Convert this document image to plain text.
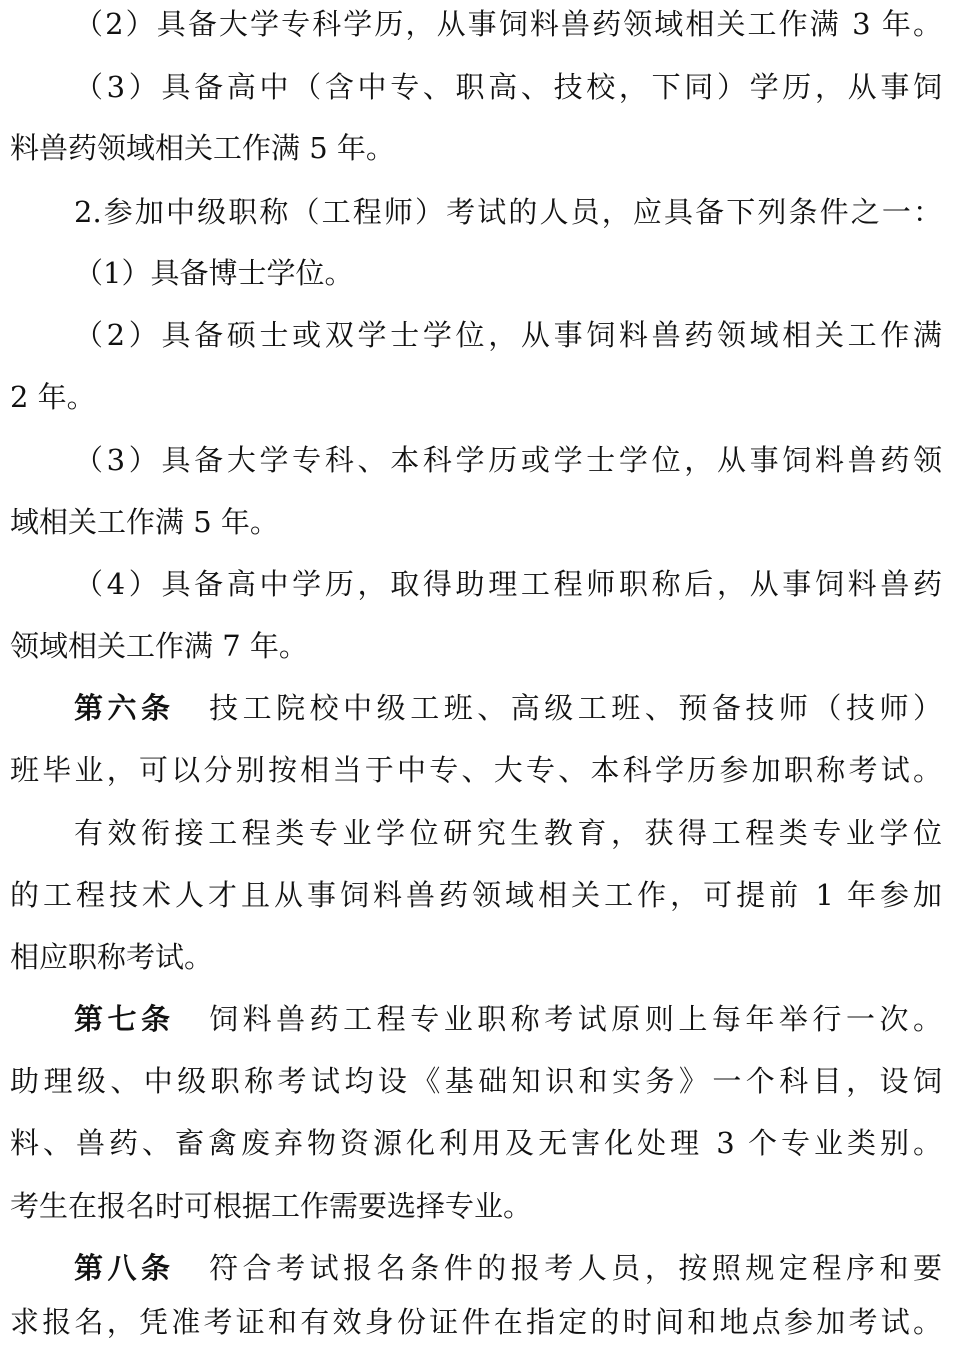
（2）具备大学专科学历，从事饲料兽药领域相关工作满 3 年。
（3）具备高中（含中专、职高、技校，下同）学历，从事饲
料兽药领域相关工作满 5 年。
2.参加中级职称（工程师）考试的人员，应具备下列条件之一：
（1）具备博士学位。
（2）具备硕士或双学士学位，从事饲料兽药领域相关工作满
2 年。
（3）具备大学专科、本科学历或学士学位，从事饲料兽药领
域相关工作满 5 年。
（4）具备高中学历，取得助理工程师职称后，从事饲料兽药
领域相关工作满 7 年。
第六条 技工院校中级工班、高级工班、预备技师（技师）
班毕业，可以分别按相当于中专、大专、本科学历参加职称考试。
有效衔接工程类专业学位研究生教育，获得工程类专业学位
的工程技术人才且从事饲料兽药领域相关工作，可提前 1 年参加
相应职称考试。
第七条 饲料兽药工程专业职称考试原则上每年举行一次。
助理级、中级职称考试均设《基础知识和实务》一个科目，设饲
料、兽药、畜禽废弃物资源化利用及无害化处理 3 个专业类别。
考生在报名时可根据工作需要选择专业。
第八条 符合考试报名条件的报考人员，按照规定程序和要
求报名，凭准考证和有效身份证件在指定的时间和地点参加考试。
